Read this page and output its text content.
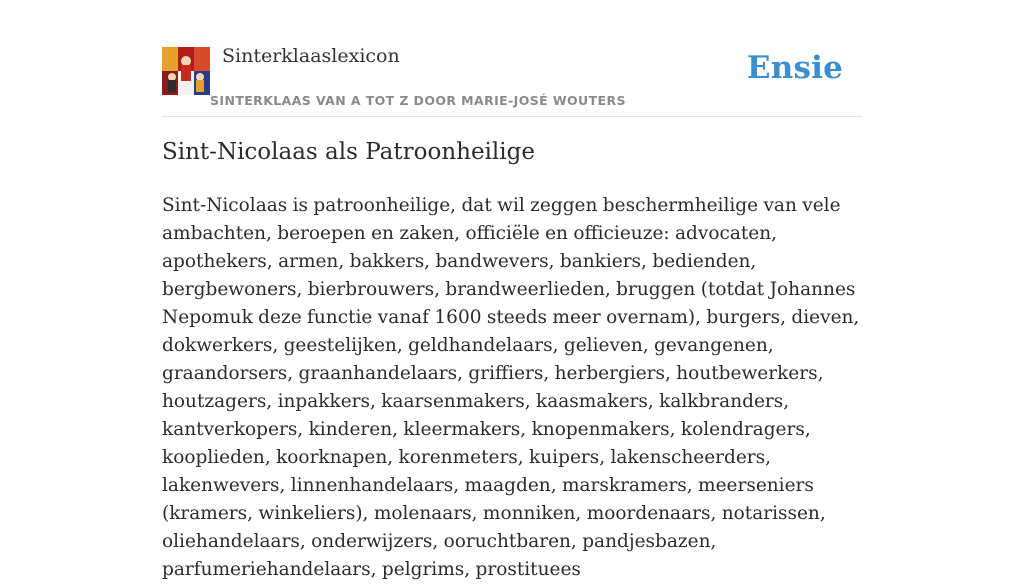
Sinterklaaslexicon	Ensie
SINTERKLAAS VAN A TOT Z DOOR MARIE-JOSÉ WOUTERS
Sint-Nicolaas als Patroonheilige

Sint-Nicolaas is patroonheilige, dat wil zeggen beschermheilige van vele ambachten, beroepen en zaken, officiële en officieuze: advocaten, apothekers, armen, bakkers, bandwevers, bankiers, bedienden, bergbewoners, bierbrouwers, brandweerlieden, bruggen (totdat Johannes Nepomuk deze functie vanaf 1600 steeds meer overnam), burgers, dieven, dokwerkers, geestelijken, geldhandelaars, gelieven, gevangenen, graandorsers, graanhandelaars, griffiers, herbergiers, houtbewerkers, houtzagers, inpakkers, kaarsenmakers, kaasmakers, kalkbranders, kantverkopers, kinderen, kleermakers, knopenmakers, kolendragers, kooplieden, koorknapen, korenmeters, kuipers, lakenscheerders, lakenwevers, linnenhandelaars, maagden, marskramers, meerseniers (kramers, winkeliers), molenaars, monniken, moordenaars, notarissen, oliehandelaars, onderwijzers, ooruchtbaren, pandjesbazen, parfumeriehandelaars, pelgrims, prostituees
